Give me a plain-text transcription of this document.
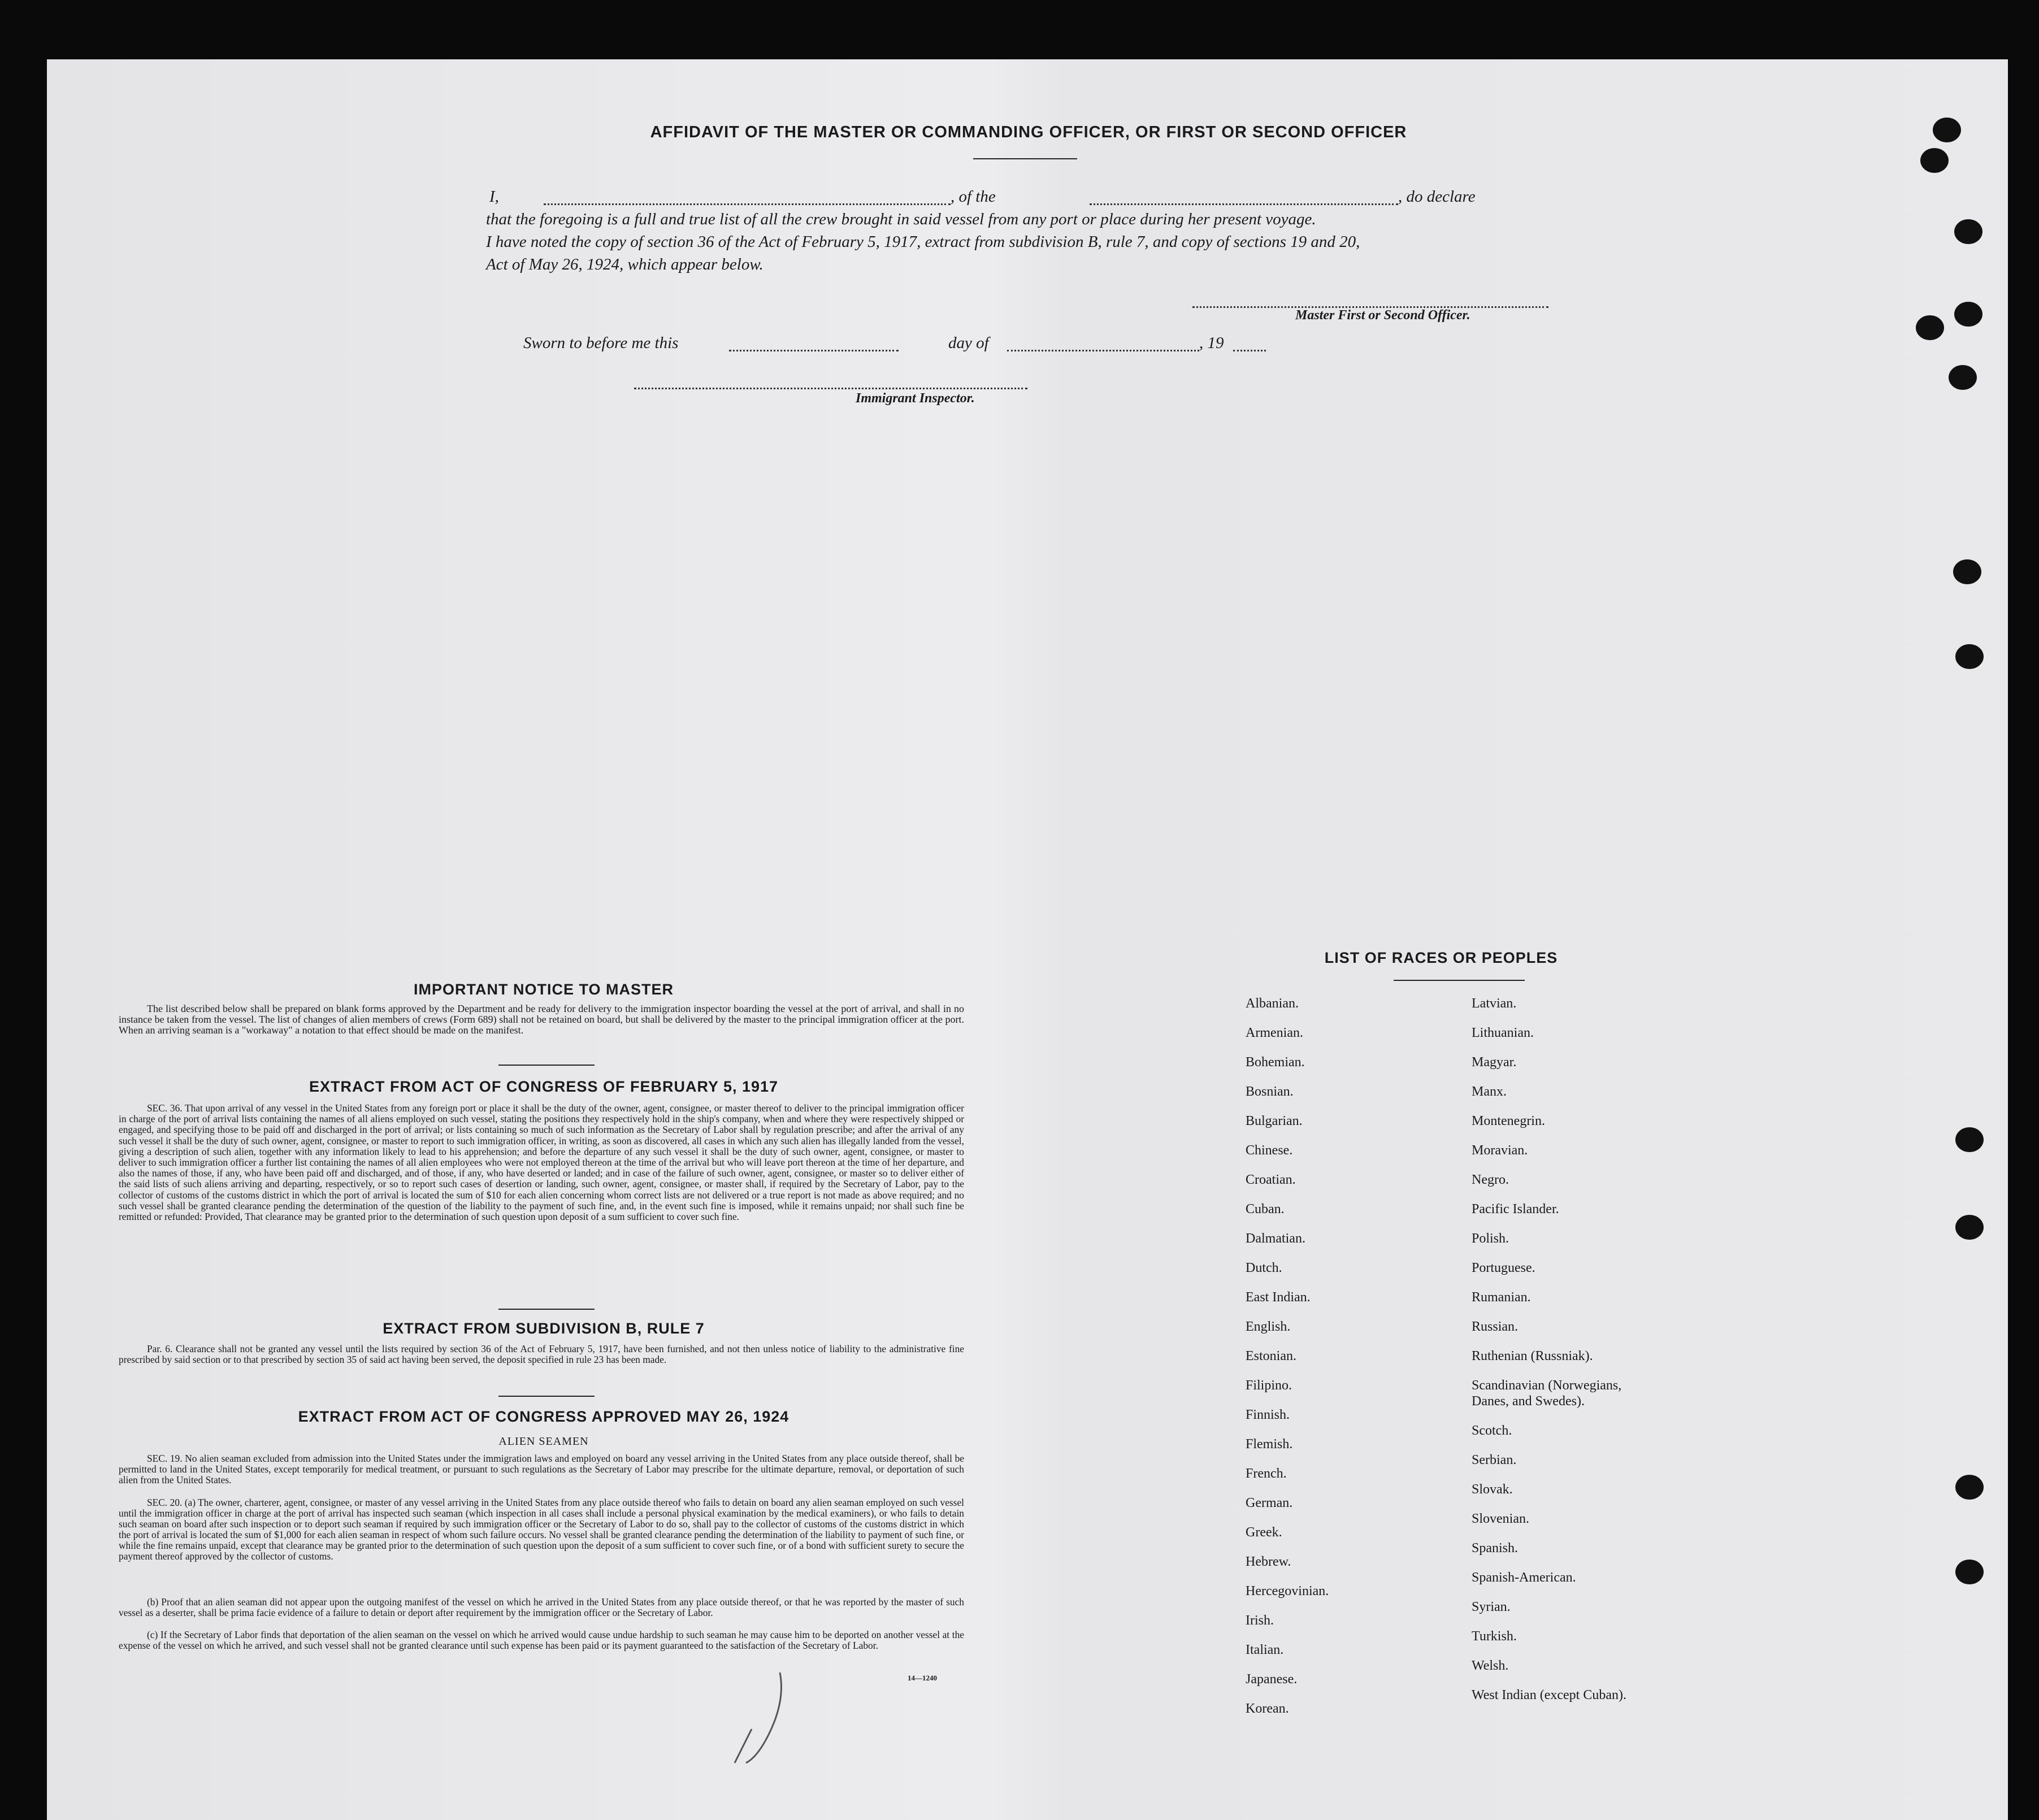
AFFIDAVIT OF THE MASTER OR COMMANDING OFFICER, OR FIRST OR SECOND OFFICER
I,	, of the	, do declare
that the foregoing is a full and true list of all the crew brought in said vessel from any port or place during her present voyage.
I have noted the copy of section 36 of the Act of February 5, 1917, extract from subdivision B, rule 7, and copy of sections 19 and 20,
Act of May 26, 1924, which appear below.
Master First or Second Officer.
Sworn to before me this	day of	, 19
Immigrant Inspector.
IMPORTANT NOTICE TO MASTER
The list described below shall be prepared on blank forms approved by the Department and be ready for delivery to the immigration inspector boarding the vessel at the port of arrival, and shall in no instance be taken from the vessel. The list of changes of alien members of crews (Form 689) shall not be retained on board, but shall be delivered by the master to the principal immigration officer at the port. When an arriving seaman is a "workaway" a notation to that effect should be made on the manifest.
EXTRACT FROM ACT OF CONGRESS OF FEBRUARY 5, 1917
SEC. 36. That upon arrival of any vessel in the United States from any foreign port or place it shall be the duty of the owner, agent, consignee, or master thereof to deliver to the principal immigration officer in charge of the port of arrival lists containing the names of all aliens employed on such vessel, stating the positions they respectively hold in the ship's company, when and where they were respectively shipped or engaged, and specifying those to be paid off and discharged in the port of arrival; or lists containing so much of such information as the Secretary of Labor shall by regulation prescribe; and after the arrival of any such vessel it shall be the duty of such owner, agent, consignee, or master to report to such immigration officer, in writing, as soon as discovered, all cases in which any such alien has illegally landed from the vessel, giving a description of such alien, together with any information likely to lead to his apprehension; and before the departure of any such vessel it shall be the duty of such owner, agent, consignee, or master to deliver to such immigration officer a further list containing the names of all alien employees who were not employed thereon at the time of the arrival but who will leave port thereon at the time of her departure, and also the names of those, if any, who have been paid off and discharged, and of those, if any, who have deserted or landed; and in case of the failure of such owner, agent, consignee, or master so to deliver either of the said lists of such aliens arriving and departing, respectively, or so to report such cases of desertion or landing, such owner, agent, consignee, or master shall, if required by the Secretary of Labor, pay to the collector of customs of the customs district in which the port of arrival is located the sum of $10 for each alien concerning whom correct lists are not delivered or a true report is not made as above required; and no such vessel shall be granted clearance pending the determination of the question of the liability to the payment of such fine, and, in the event such fine is imposed, while it remains unpaid; nor shall such fine be remitted or refunded: Provided, That clearance may be granted prior to the determination of such question upon deposit of a sum sufficient to cover such fine.
EXTRACT FROM SUBDIVISION B, RULE 7
Par. 6. Clearance shall not be granted any vessel until the lists required by section 36 of the Act of February 5, 1917, have been furnished, and not then unless notice of liability to the administrative fine prescribed by said section or to that prescribed by section 35 of said act having been served, the deposit specified in rule 23 has been made.
EXTRACT FROM ACT OF CONGRESS APPROVED MAY 26, 1924
ALIEN SEAMEN
SEC. 19. No alien seaman excluded from admission into the United States under the immigration laws and employed on board any vessel arriving in the United States from any place outside thereof, shall be permitted to land in the United States, except temporarily for medical treatment, or pursuant to such regulations as the Secretary of Labor may prescribe for the ultimate departure, removal, or deportation of such alien from the United States.
SEC. 20. (a) The owner, charterer, agent, consignee, or master of any vessel arriving in the United States from any place outside thereof who fails to detain on board any alien seaman employed on such vessel until the immigration officer in charge at the port of arrival has inspected such seaman (which inspection in all cases shall include a personal physical examination by the medical examiners), or who fails to detain such seaman on board after such inspection or to deport such seaman if required by such immigration officer or the Secretary of Labor to do so, shall pay to the collector of customs of the customs district in which the port of arrival is located the sum of $1,000 for each alien seaman in respect of whom such failure occurs. No vessel shall be granted clearance pending the determination of the liability to payment of such fine, or while the fine remains unpaid, except that clearance may be granted prior to the determination of such question upon the deposit of a sum sufficient to cover such fine, or of a bond with sufficient surety to secure the payment thereof approved by the collector of customs.
(b) Proof that an alien seaman did not appear upon the outgoing manifest of the vessel on which he arrived in the United States from any place outside thereof, or that he was reported by the master of such vessel as a deserter, shall be prima facie evidence of a failure to detain or deport after requirement by the immigration officer or the Secretary of Labor.
(c) If the Secretary of Labor finds that deportation of the alien seaman on the vessel on which he arrived would cause undue hardship to such seaman he may cause him to be deported on another vessel at the expense of the vessel on which he arrived, and such vessel shall not be granted clearance until such expense has been paid or its payment guaranteed to the satisfaction of the Secretary of Labor.
14—1240
LIST OF RACES OR PEOPLES
Albanian.
Armenian.
Bohemian.
Bosnian.
Bulgarian.
Chinese.
Croatian.
Cuban.
Dalmatian.
Dutch.
East Indian.
English.
Estonian.
Filipino.
Finnish.
Flemish.
French.
German.
Greek.
Hebrew.
Hercegovinian.
Irish.
Italian.
Japanese.
Korean.
Latvian.
Lithuanian.
Magyar.
Manx.
Montenegrin.
Moravian.
Negro.
Pacific Islander.
Polish.
Portuguese.
Rumanian.
Russian.
Ruthenian (Russniak).
Scandinavian (Norwegians,
Danes, and Swedes).
Scotch.
Serbian.
Slovak.
Slovenian.
Spanish.
Spanish-American.
Syrian.
Turkish.
Welsh.
West Indian (except Cuban).
